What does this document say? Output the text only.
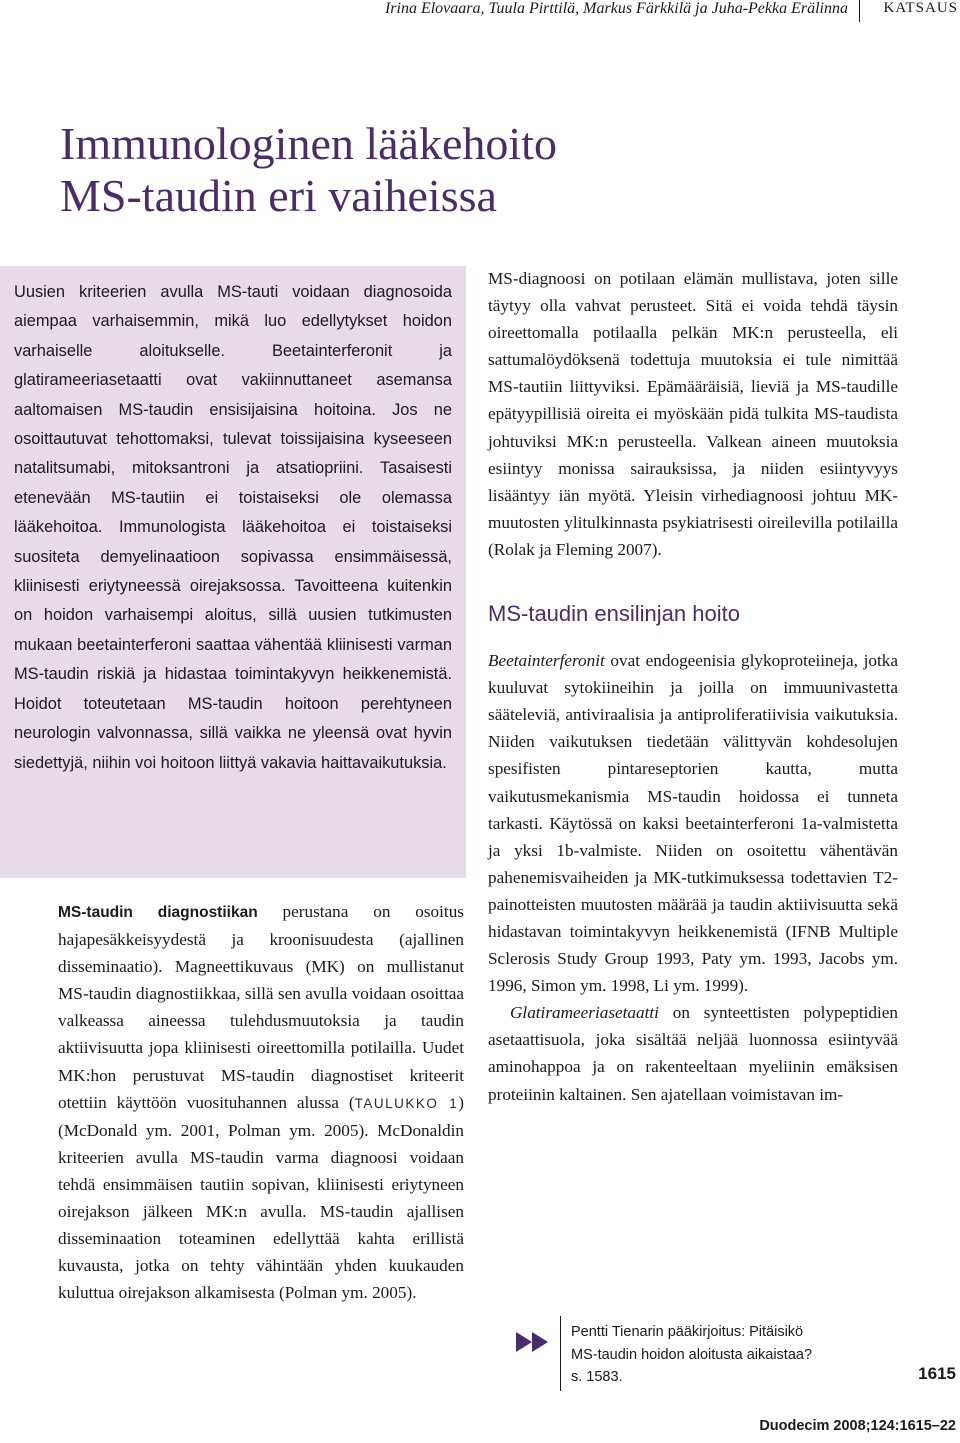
Irina Elovaara, Tuula Pirttilä, Markus Färkkilä ja Juha-Pekka Erälinna KATSAUS
Immunologinen lääkehoito
MS-taudin eri vaiheissa

Uusien kriteerien avulla MS-tauti voidaan diagnosoida aiempaa varhaisemmin, mikä luo edellytykset hoidon varhaiselle aloitukselle. Beetainterferonit ja glatirameeriasetaatti ovat vakiinnuttaneet asemansa aaltomaisen MS-taudin ensisijaisina hoitoina. Jos ne osoittautuvat tehottomaksi, tulevat toissijaisina kyseeseen natalitsumabi, mitoksantroni ja atsatiopriini. Tasaisesti etenevään MS-tautiin ei toistaiseksi ole olemassa lääkehoitoa. Immunologista lääkehoitoa ei toistaiseksi suositeta demyelinaatioon sopivassa ensimmäisessä, kliinisesti eriytyneessä oirejaksossa. Tavoitteena kuitenkin on hoidon varhaisempi aloitus, sillä uusien tutkimusten mukaan beetainterferoni saattaa vähentää kliinisesti varman MS-taudin riskiä ja hidastaa toimintakyvyn heikkenemistä. Hoidot toteutetaan MS-taudin hoitoon perehtyneen neurologin valvonnassa, sillä vaikka ne yleensä ovat hyvin siedettyjä, niihin voi hoitoon liittyä vakavia haittavaikutuksia.

MS-taudin diagnostiikan perustana on osoitus hajapesäkkeisyydestä ja kroonisuudesta (ajallinen disseminaatio). Magneettikuvaus (MK) on mullistanut MS-taudin diagnostiikkaa, sillä sen avulla voidaan osoittaa valkeassa aineessa tulehdusmuutoksia ja taudin aktiivisuutta jopa kliinisesti oireettomilla potilailla. Uudet MK:hon perustuvat MS-taudin diagnostiset kriteerit otettiin käyttöön vuosituhannen alussa (TAULUKKO 1) (McDonald ym. 2001, Polman ym. 2005). McDonaldin kriteerien avulla MS-taudin varma diagnoosi voidaan tehdä ensimmäisen tautiin sopivan, kliinisesti eriytyneen oirejakson jälkeen MK:n avulla. MS-taudin ajallisen disseminaation toteaminen edellyttää kahta erillistä kuvausta, jotka on tehty vähintään yhden kuukauden kuluttua oirejakson alkamisesta (Polman ym. 2005).

MS-diagnoosi on potilaan elämän mullistava, joten sille täytyy olla vahvat perusteet. Sitä ei voida tehdä täysin oireettomalla potilaalla pelkän MK:n perusteella, eli sattumalöydöksenä todettuja muutoksia ei tule nimittää MS-tautiin liittyviksi. Epämääräisiä, lieviä ja MS-taudille epätyypillisiä oireita ei myöskään pidä tulkita MS-taudista johtuviksi MK:n perusteella. Valkean aineen muutoksia esiintyy monissa sairauksissa, ja niiden esiintyvyys lisääntyy iän myötä. Yleisin virhediagnoosi johtuu MK-muutosten ylitulkinnasta psykiatrisesti oireilevilla potilailla (Rolak ja Fleming 2007).

MS-taudin ensilinjan hoito

Beetainterferonit ovat endogeenisia glykoproteiineja, jotka kuuluvat sytokiineihin ja joilla on immuunivastetta sääteleviä, antiviraalisia ja antiproliferatiivisia vaikutuksia. Niiden vaikutuksen tiedetään välittyvän kohdesolujen spesifisten pintareseptorien kautta, mutta vaikutusmekanismia MS-taudin hoidossa ei tunneta tarkasti. Käytössä on kaksi beetainterferoni 1a-valmistetta ja yksi 1b-valmiste. Niiden on osoitettu vähentävän pahenemisvaiheiden ja MK-tutkimuksessa todettavien T2-painotteisten muutosten määrää ja taudin aktiivisuutta sekä hidastavan toimintakyvyn heikkenemistä (IFNB Multiple Sclerosis Study Group 1993, Paty ym. 1993, Jacobs ym. 1996, Simon ym. 1998, Li ym. 1999).

Glatirameeriasetaatti on synteettisten polypeptidien asetaattisuola, joka sisältää neljää luonnossa esiintyvää aminohappoa ja on rakenteeltaan myeliinin emäksisen proteiinin kaltainen. Sen ajatellaan voimistavan im-

Pentti Tienarin pääkirjoitus: Pitäisikö
MS-taudin hoidon aloitusta aikaistaa?
s. 1583.	1615
Duodecim 2008;124:1615–22
